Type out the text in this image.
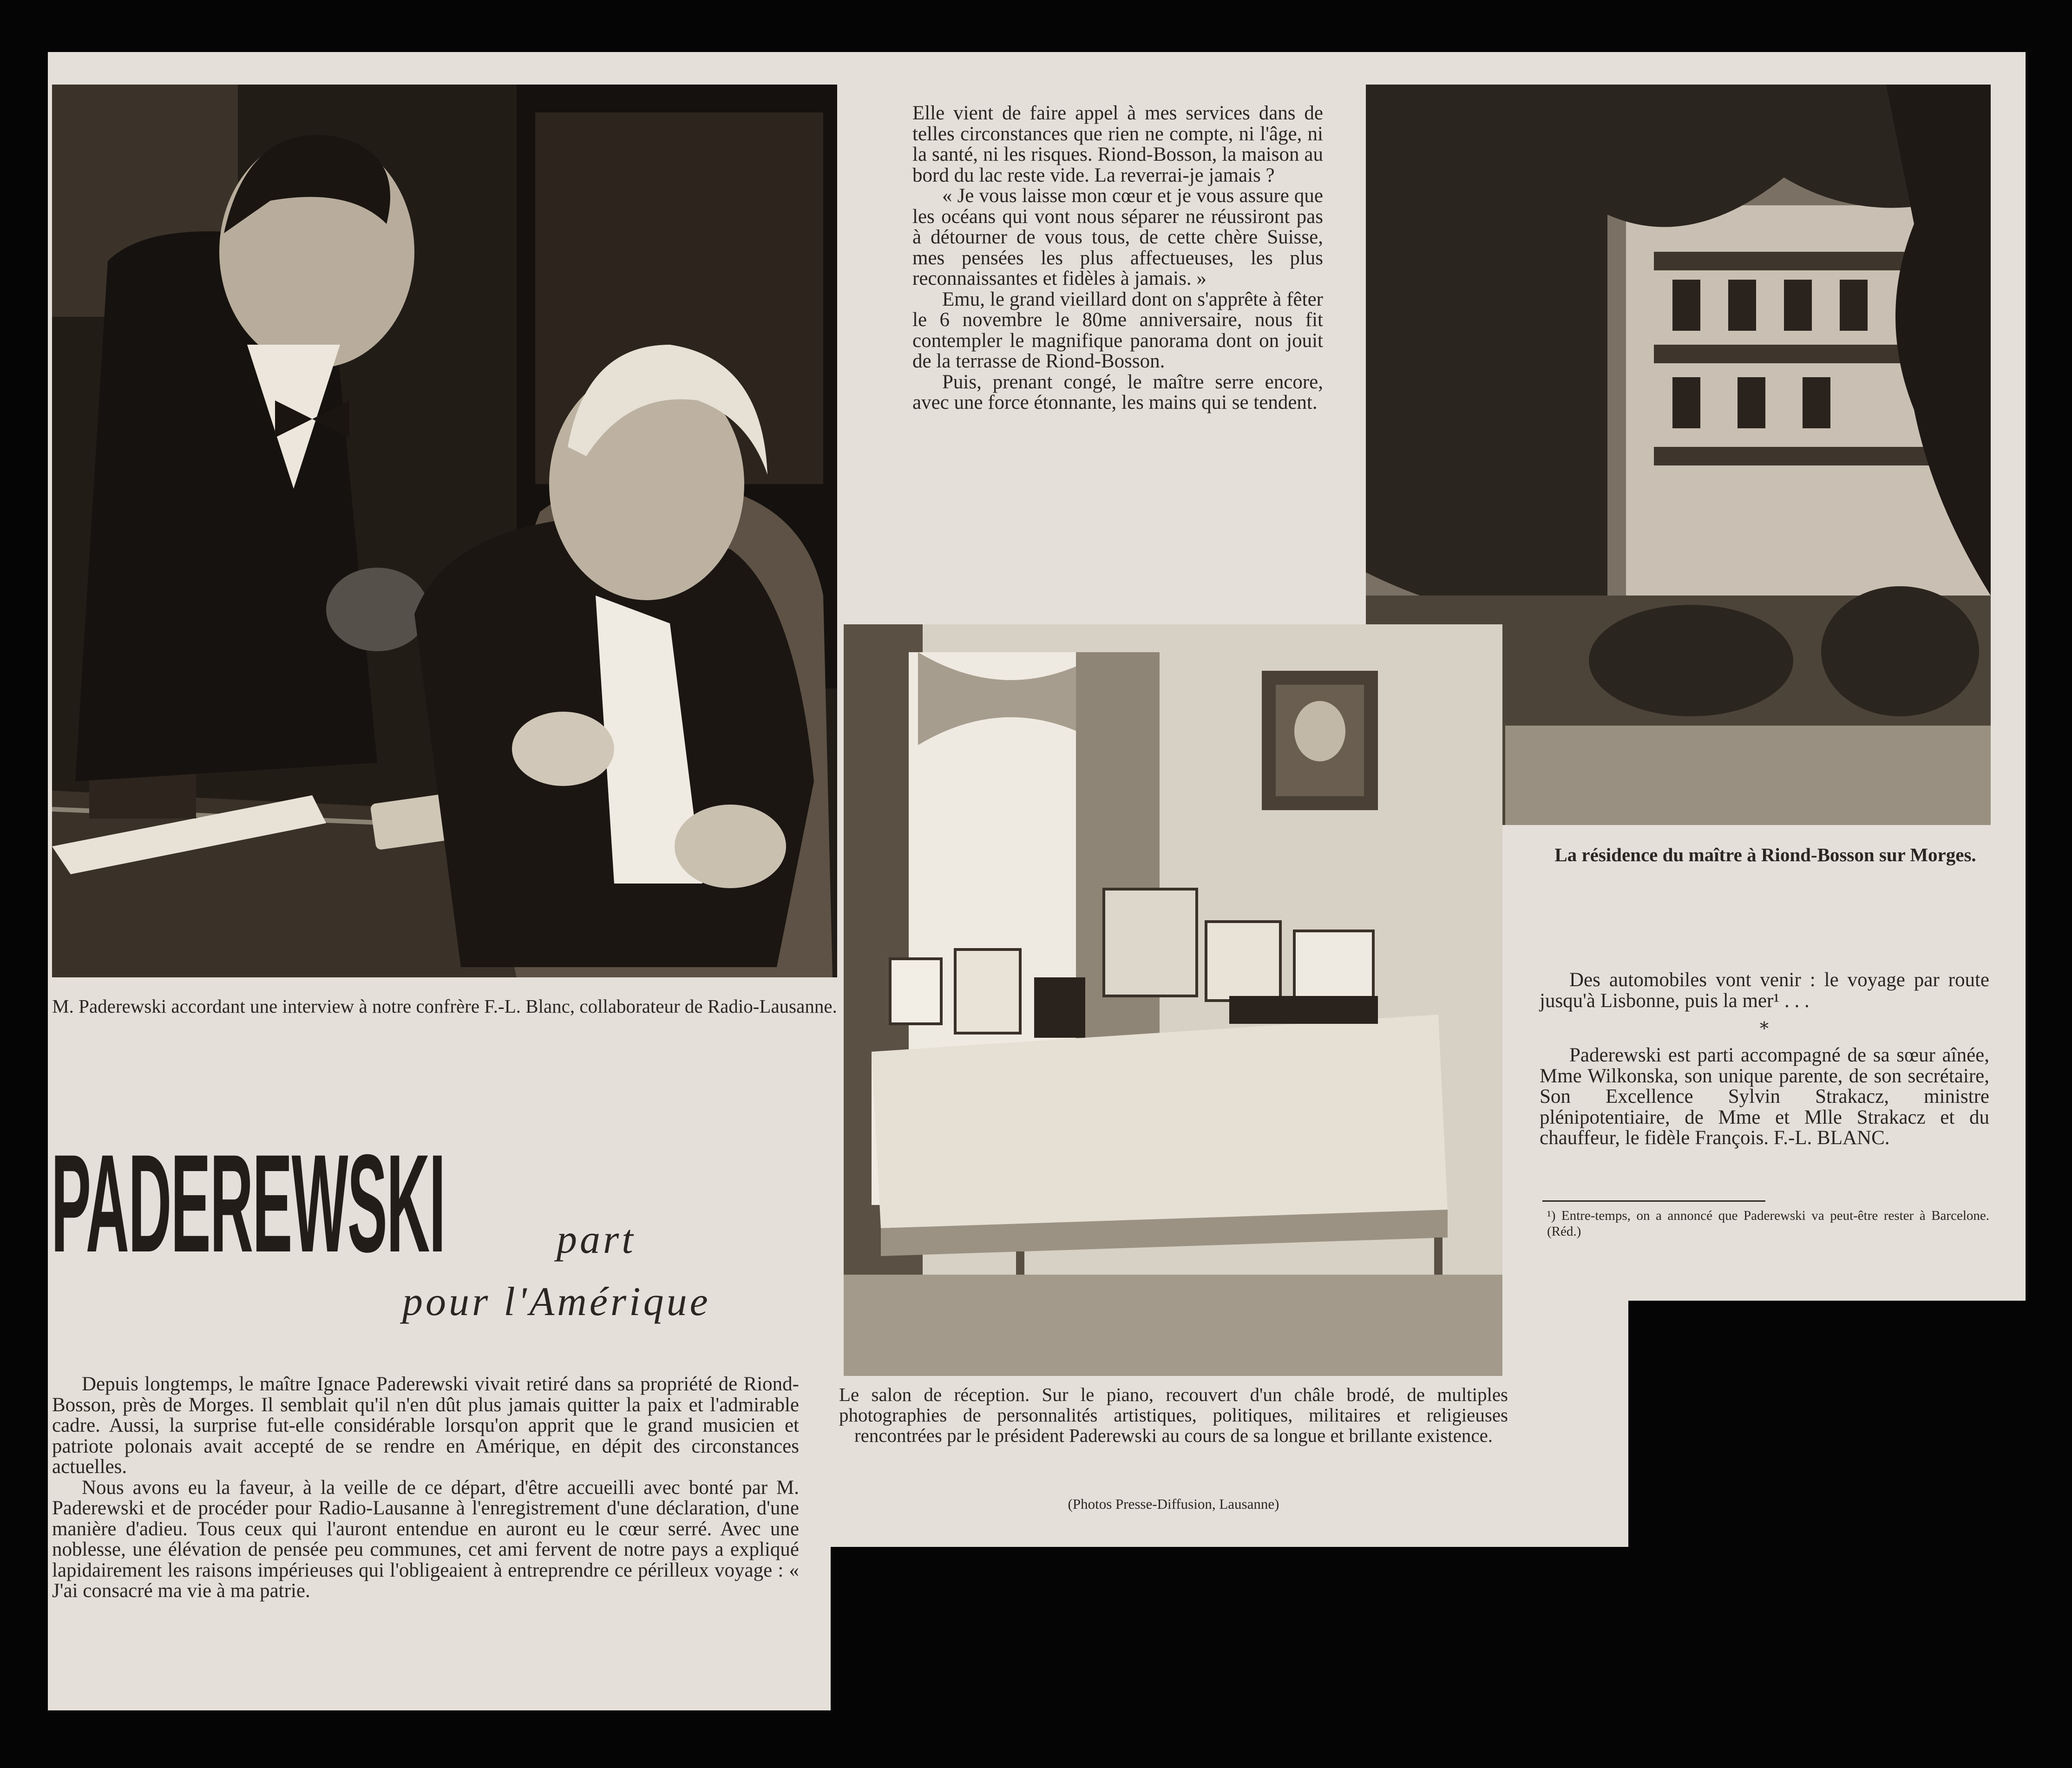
Elle vient de faire appel à mes services dans de telles circonstances que rien ne compte, ni l'âge, ni la santé, ni les risques. Riond-Bosson, la maison au bord du lac reste vide. La reverrai-je jamais ?

« Je vous laisse mon cœur et je vous assure que les océans qui vont nous séparer ne réussiront pas à détourner de vous tous, de cette chère Suisse, mes pensées les plus affectueuses, les plus reconnaissantes et fidèles à jamais. »

Emu, le grand vieillard dont on s'apprête à fêter le 6 novembre le 80me anniversaire, nous fit contempler le magnifique panorama dont on jouit de la terrasse de Riond-Bosson.

Puis, prenant congé, le maître serre encore, avec une force étonnante, les mains qui se tendent.

M. Paderewski accordant une interview à notre confrère F.-L. Blanc, collaborateur de Radio-Lausanne.
PADEREWSKI	part
pour l'Amérique

Depuis longtemps, le maître Ignace Paderewski vivait retiré dans sa propriété de Riond-Bosson, près de Morges. Il semblait qu'il n'en dût plus jamais quitter la paix et l'admirable cadre. Aussi, la surprise fut-elle considérable lorsqu'on apprit que le grand musicien et patriote polonais avait accepté de se rendre en Amérique, en dépit des circonstances actuelles.

Nous avons eu la faveur, à la veille de ce départ, d'être accueilli avec bonté par M. Paderewski et de procéder pour Radio-Lausanne à l'enregistrement d'une déclaration, d'une manière d'adieu. Tous ceux qui l'auront entendue en auront eu le cœur serré. Avec une noblesse, une élévation de pensée peu communes, cet ami fervent de notre pays a expliqué lapidairement les raisons impérieuses qui l'obligeaient à entreprendre ce périlleux voyage : « J'ai consacré ma vie à ma patrie.

Le salon de réception. Sur le piano, recouvert d'un châle brodé, de multiples photographies de personnalités artistiques, politiques, militaires et religieuses rencontrées par le président Paderewski au cours de sa longue et brillante existence.
(Photos Presse-Diffusion, Lausanne)
La résidence du maître à Riond-Bosson sur Morges.

Des automobiles vont venir : le voyage par route jusqu'à Lisbonne, puis la mer¹ . . .

*

Paderewski est parti accompagné de sa sœur aînée, Mme Wilkonska, son unique parente, de son secrétaire, Son Excellence Sylvin Strakacz, ministre plénipotentiaire, de Mme et Mlle Strakacz et du chauffeur, le fidèle François. F.-L. BLANC.

¹) Entre-temps, on a annoncé que Paderewski va peut-être rester à Barcelone. (Réd.)
